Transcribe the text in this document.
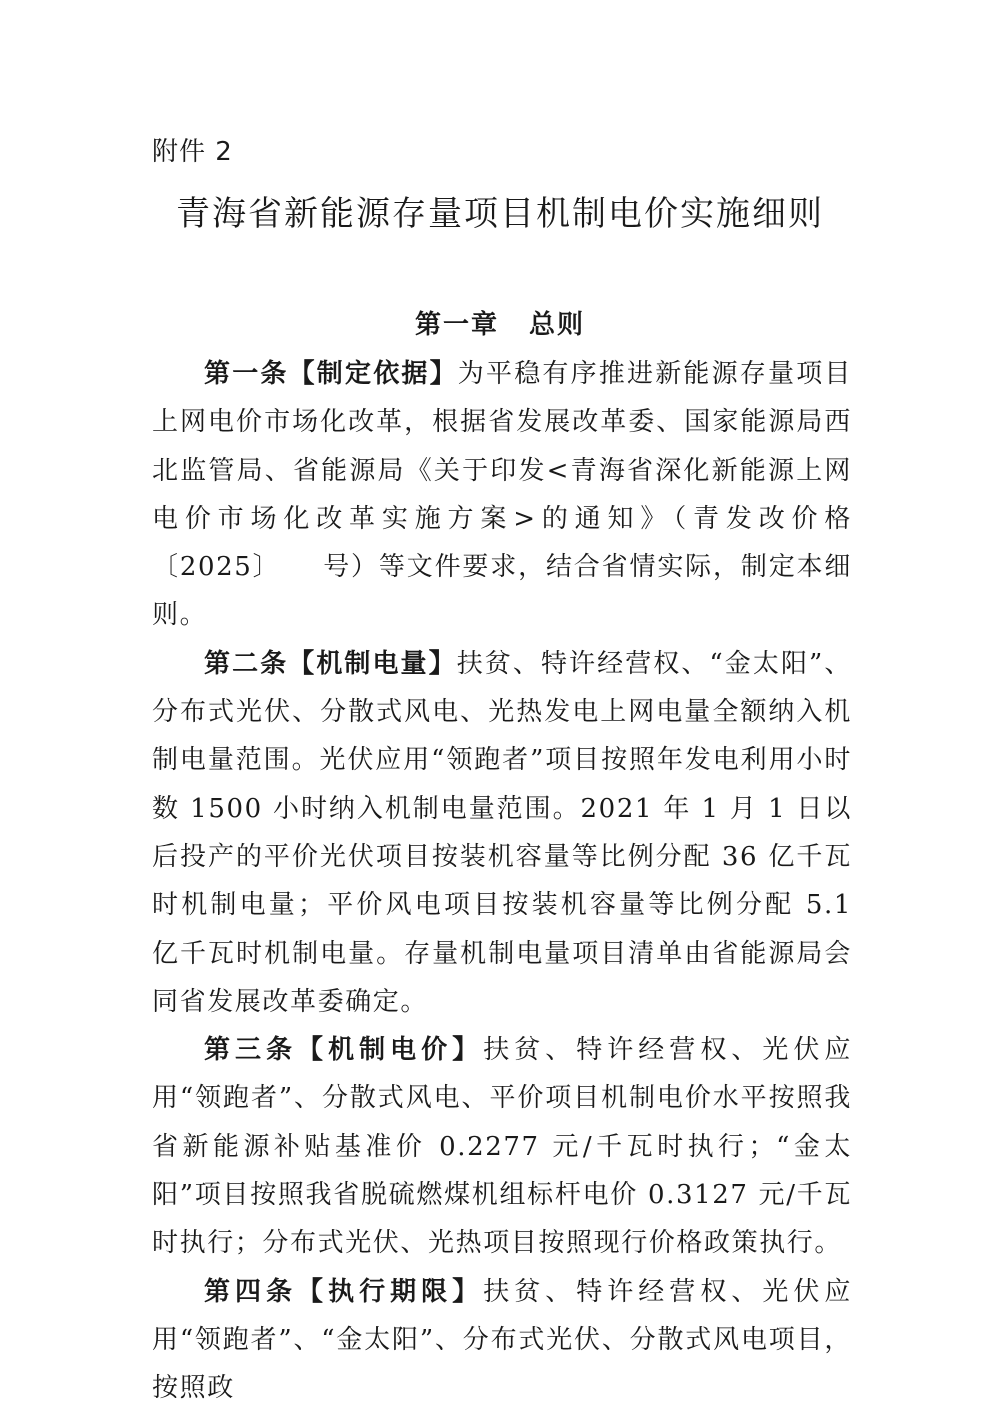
附件 2
青海省新能源存量项目机制电价实施细则
第一章 总则

第一条【制定依据】为平稳有序推进新能源存量项目上网电价市场化改革，根据省发展改革委、国家能源局西北监管局、省能源局《关于印发<青海省深化新能源上网电价市场化改革实施方案>的通知》（青发改价格〔2025〕　　号）等文件要求，结合省情实际，制定本细则。

第二条【机制电量】扶贫、特许经营权、“金太阳”、分布式光伏、分散式风电、光热发电上网电量全额纳入机制电量范围。光伏应用“领跑者”项目按照年发电利用小时数 1500 小时纳入机制电量范围。2021 年 1 月 1 日以后投产的平价光伏项目按装机容量等比例分配 36 亿千瓦时机制电量；平价风电项目按装机容量等比例分配 5.1 亿千瓦时机制电量。存量机制电量项目清单由省能源局会同省发展改革委确定。

第三条【机制电价】扶贫、特许经营权、光伏应用“领跑者”、分散式风电、平价项目机制电价水平按照我省新能源补贴基准价 0.2277 元/千瓦时执行；“金太阳”项目按照我省脱硫燃煤机组标杆电价 0.3127 元/千瓦时执行；分布式光伏、光热项目按照现行价格政策执行。

第四条【执行期限】扶贫、特许经营权、光伏应用“领跑者”、“金太阳”、分布式光伏、分散式风电项目，按照政
